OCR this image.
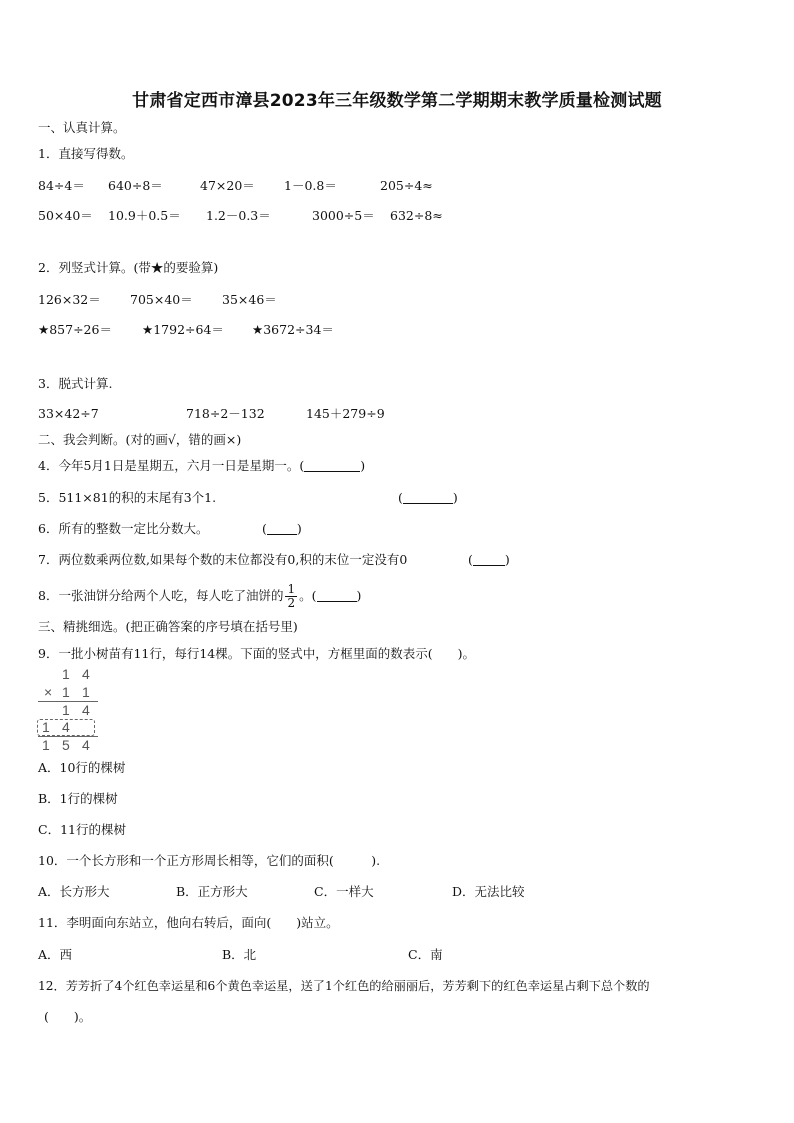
甘肃省定西市漳县2023年三年级数学第二学期期末教学质量检测试题
一、认真计算。
1．直接写得数。
84÷4＝ 640÷8＝	47×20＝ 1－0.8＝	205÷4≈
50×40＝ 10.9＋0.5＝ 1.2－0.3＝	3000÷5＝ 632÷8≈
2．列竖式计算。(带★的要验算)
126×32＝ 705×40＝ 35×46＝
★857÷26＝ ★1792÷64＝ ★3672÷34＝
3．脱式计算.
33×42÷7	718÷2－132	145＋279÷9
二、我会判断。(对的画√，错的画×)
4．今年5月1日是星期五，六月一日是星期一。(	)
5．511×81的积的末尾有3个1.	(	)
6．所有的整数一定比分数大。	( )
7．两位数乘两位数,如果每个数的末位都没有0,积的末位一定没有0	(	)
8．一张油饼分给两个人吃，每人吃了油饼的 $\frac{1}{2}$ 。(	)
三、精挑细选。(把正确答案的序号填在括号里)
9．一批小树苗有11行，每行14棵。下面的竖式中，方框里面的数表示(　　)。
1 4
× 1 1
1 4
1 4
1 5 4
A．10行的棵树
B．1行的棵树
C．11行的棵树
10．一个长方形和一个正方形周长相等，它们的面积(　　　).
A．长方形大	B．正方形大	C．一样大	D．无法比较
11．李明面向东站立，他向右转后，面向(　　)站立。
A．西	B．北	C．南
12．芳芳折了4个红色幸运星和6个黄色幸运星，送了1个红色的给丽丽后，芳芳剩下的红色幸运星占剩下总个数的
(　　)。
